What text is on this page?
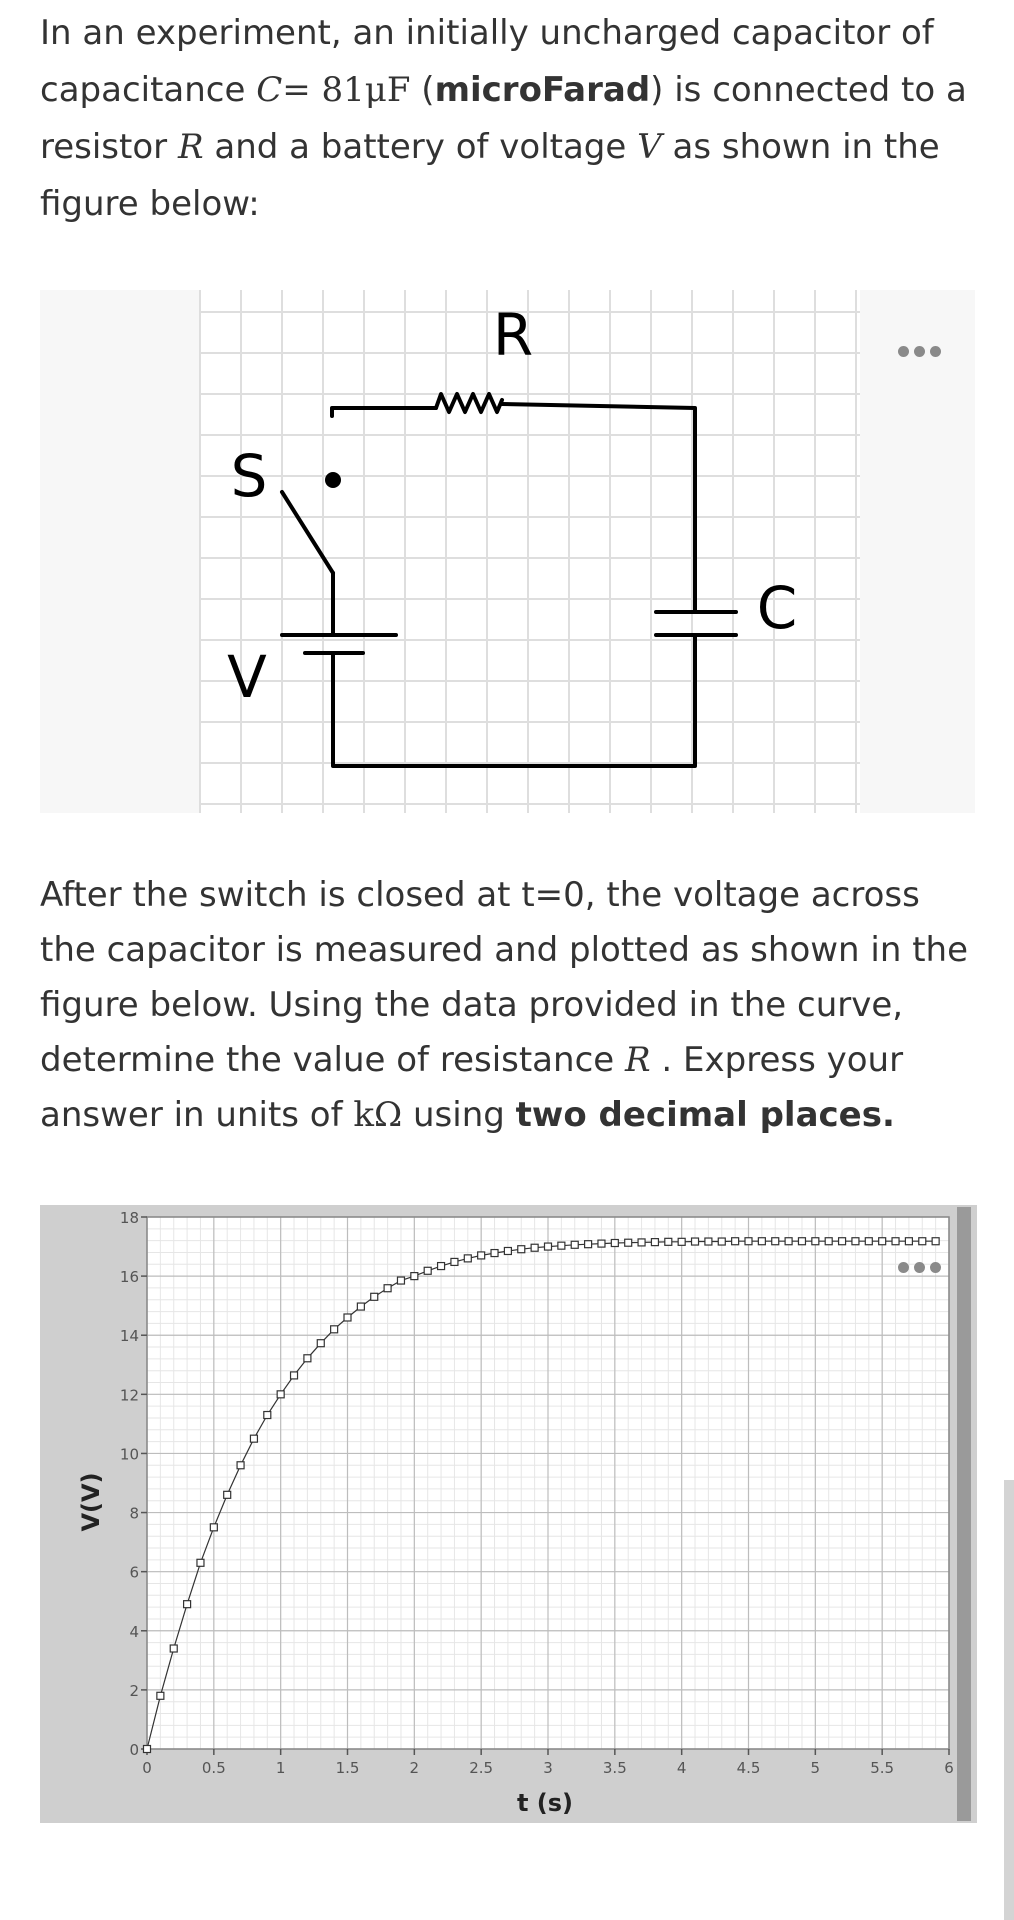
In an experiment, an initially uncharged capacitor of capacitance C= 81μF (microFarad) is connected to a resistor R and a battery of voltage V as shown in the figure below:

R
S
C
V

After the switch is closed at t=0, the voltage across the capacitor is measured and plotted as shown in the figure below. Using the data provided in the curve, determine the value of resistance R . Express your answer in units of kΩ using two decimal places.

0
2
4
6
8
10
12
14
16
18
0	0.5	1	1.5	2	2.5	3	3.5	4	4.5	5	5.5	6
t (s)
V(V)
